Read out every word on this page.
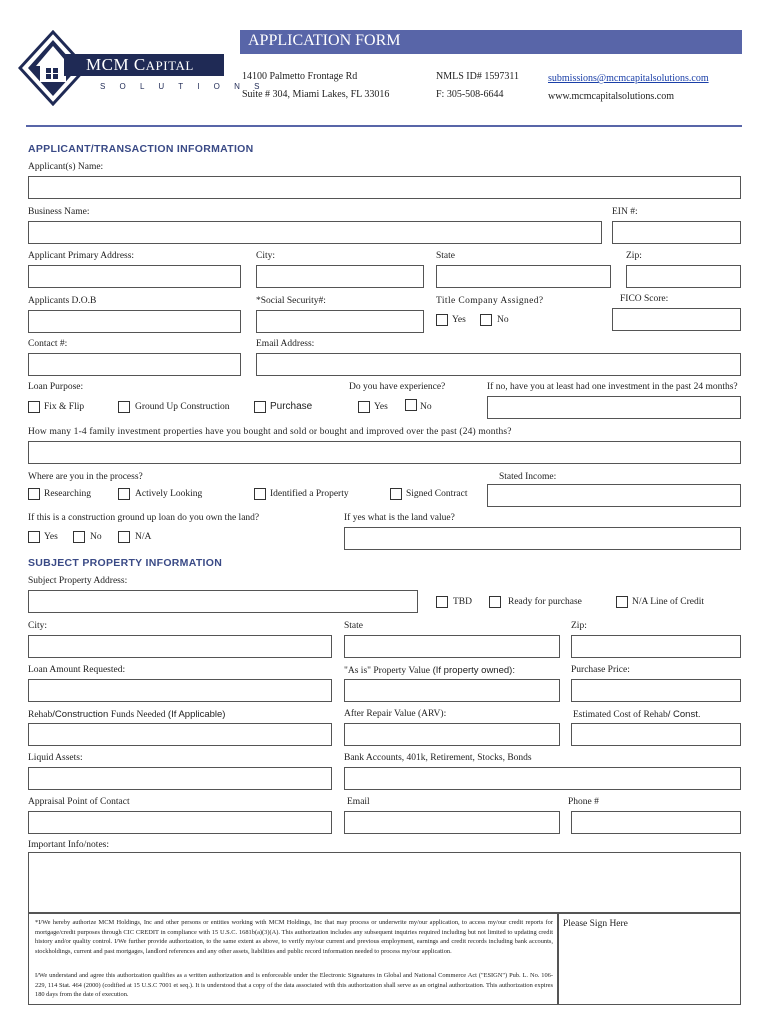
MCM CAPITAL
S O L U T I O N S
APPLICATION FORM
14100 Palmetto Frontage Rd
Suite # 304, Miami Lakes, FL 33016
NMLS ID# 1597311
F: 305-508-6644
submissions@mcmcapitalsolutions.com
www.mcmcapitalsolutions.com
APPLICANT/TRANSACTION INFORMATION
Applicant(s) Name:
Business Name:	EIN #:
Applicant Primary Address:	City:	State	Zip:
Applicants D.O.B	*Social Security#:	Title Company Assigned?	FICO Score:
Yes	No
Contact #:	Email Address:
Loan Purpose:	Do you have experience?	If no, have you at least had one investment in the past 24 months?
Fix & Flip	Ground Up Construction	Purchase	Yes	No
How many 1-4 family investment properties have you bought and sold or bought and improved over the past (24) months?
Where are you in the process?	Stated Income:
Researching	Actively Looking	Identified a Property	Signed Contract
If this is a construction ground up loan do you own the land?	If yes what is the land value?
Yes	No	N/A
SUBJECT PROPERTY INFORMATION
Subject Property Address:
TBD	Ready for purchase	N/A Line of Credit
City:	State	Zip:
Loan Amount Requested:	"As is" Property Value (If property owned):	Purchase Price:
Rehab/Construction Funds Needed (If Applicable)	After Repair Value (ARV):	Estimated Cost of Rehab/ Const.
Liquid Assets:	Bank Accounts, 401k, Retirement, Stocks, Bonds
Appraisal Point of Contact	Email	Phone #
Important Info/notes:
*I/We hereby authorize MCM Holdings, Inc and other persons or entities working with MCM Holdings, Inc that may process or underwrite my/our application, to access my/our credit reports for mortgage/credit purposes through CIC CREDIT in compliance with 15 U.S.C. 1681b(a)(3)(A). This authorization includes any subsequent inquiries required including but not limited to updating credit history and/or quality control. I/We further provide authorization, to the same extent as above, to verify my/our current and previous employment, earnings and credit records including bank accounts, stockholdings, current and past mortgages, landlord references and any other assets, liabilities and public record information needed to process my/our application.
I/We understand and agree this authorization qualifies as a written authorization and is enforceable under the Electronic Signatures in Global and National Commerce Act ("ESIGN") Pub. L. No. 106-229, 114 Stat. 464 (2000) (codified at 15 U.S.C 7001 et seq.). It is understood that a copy of the data associated with this authorization shall serve as an original authorization. This authorization expires 180 days from the date of execution.
Please Sign Here
